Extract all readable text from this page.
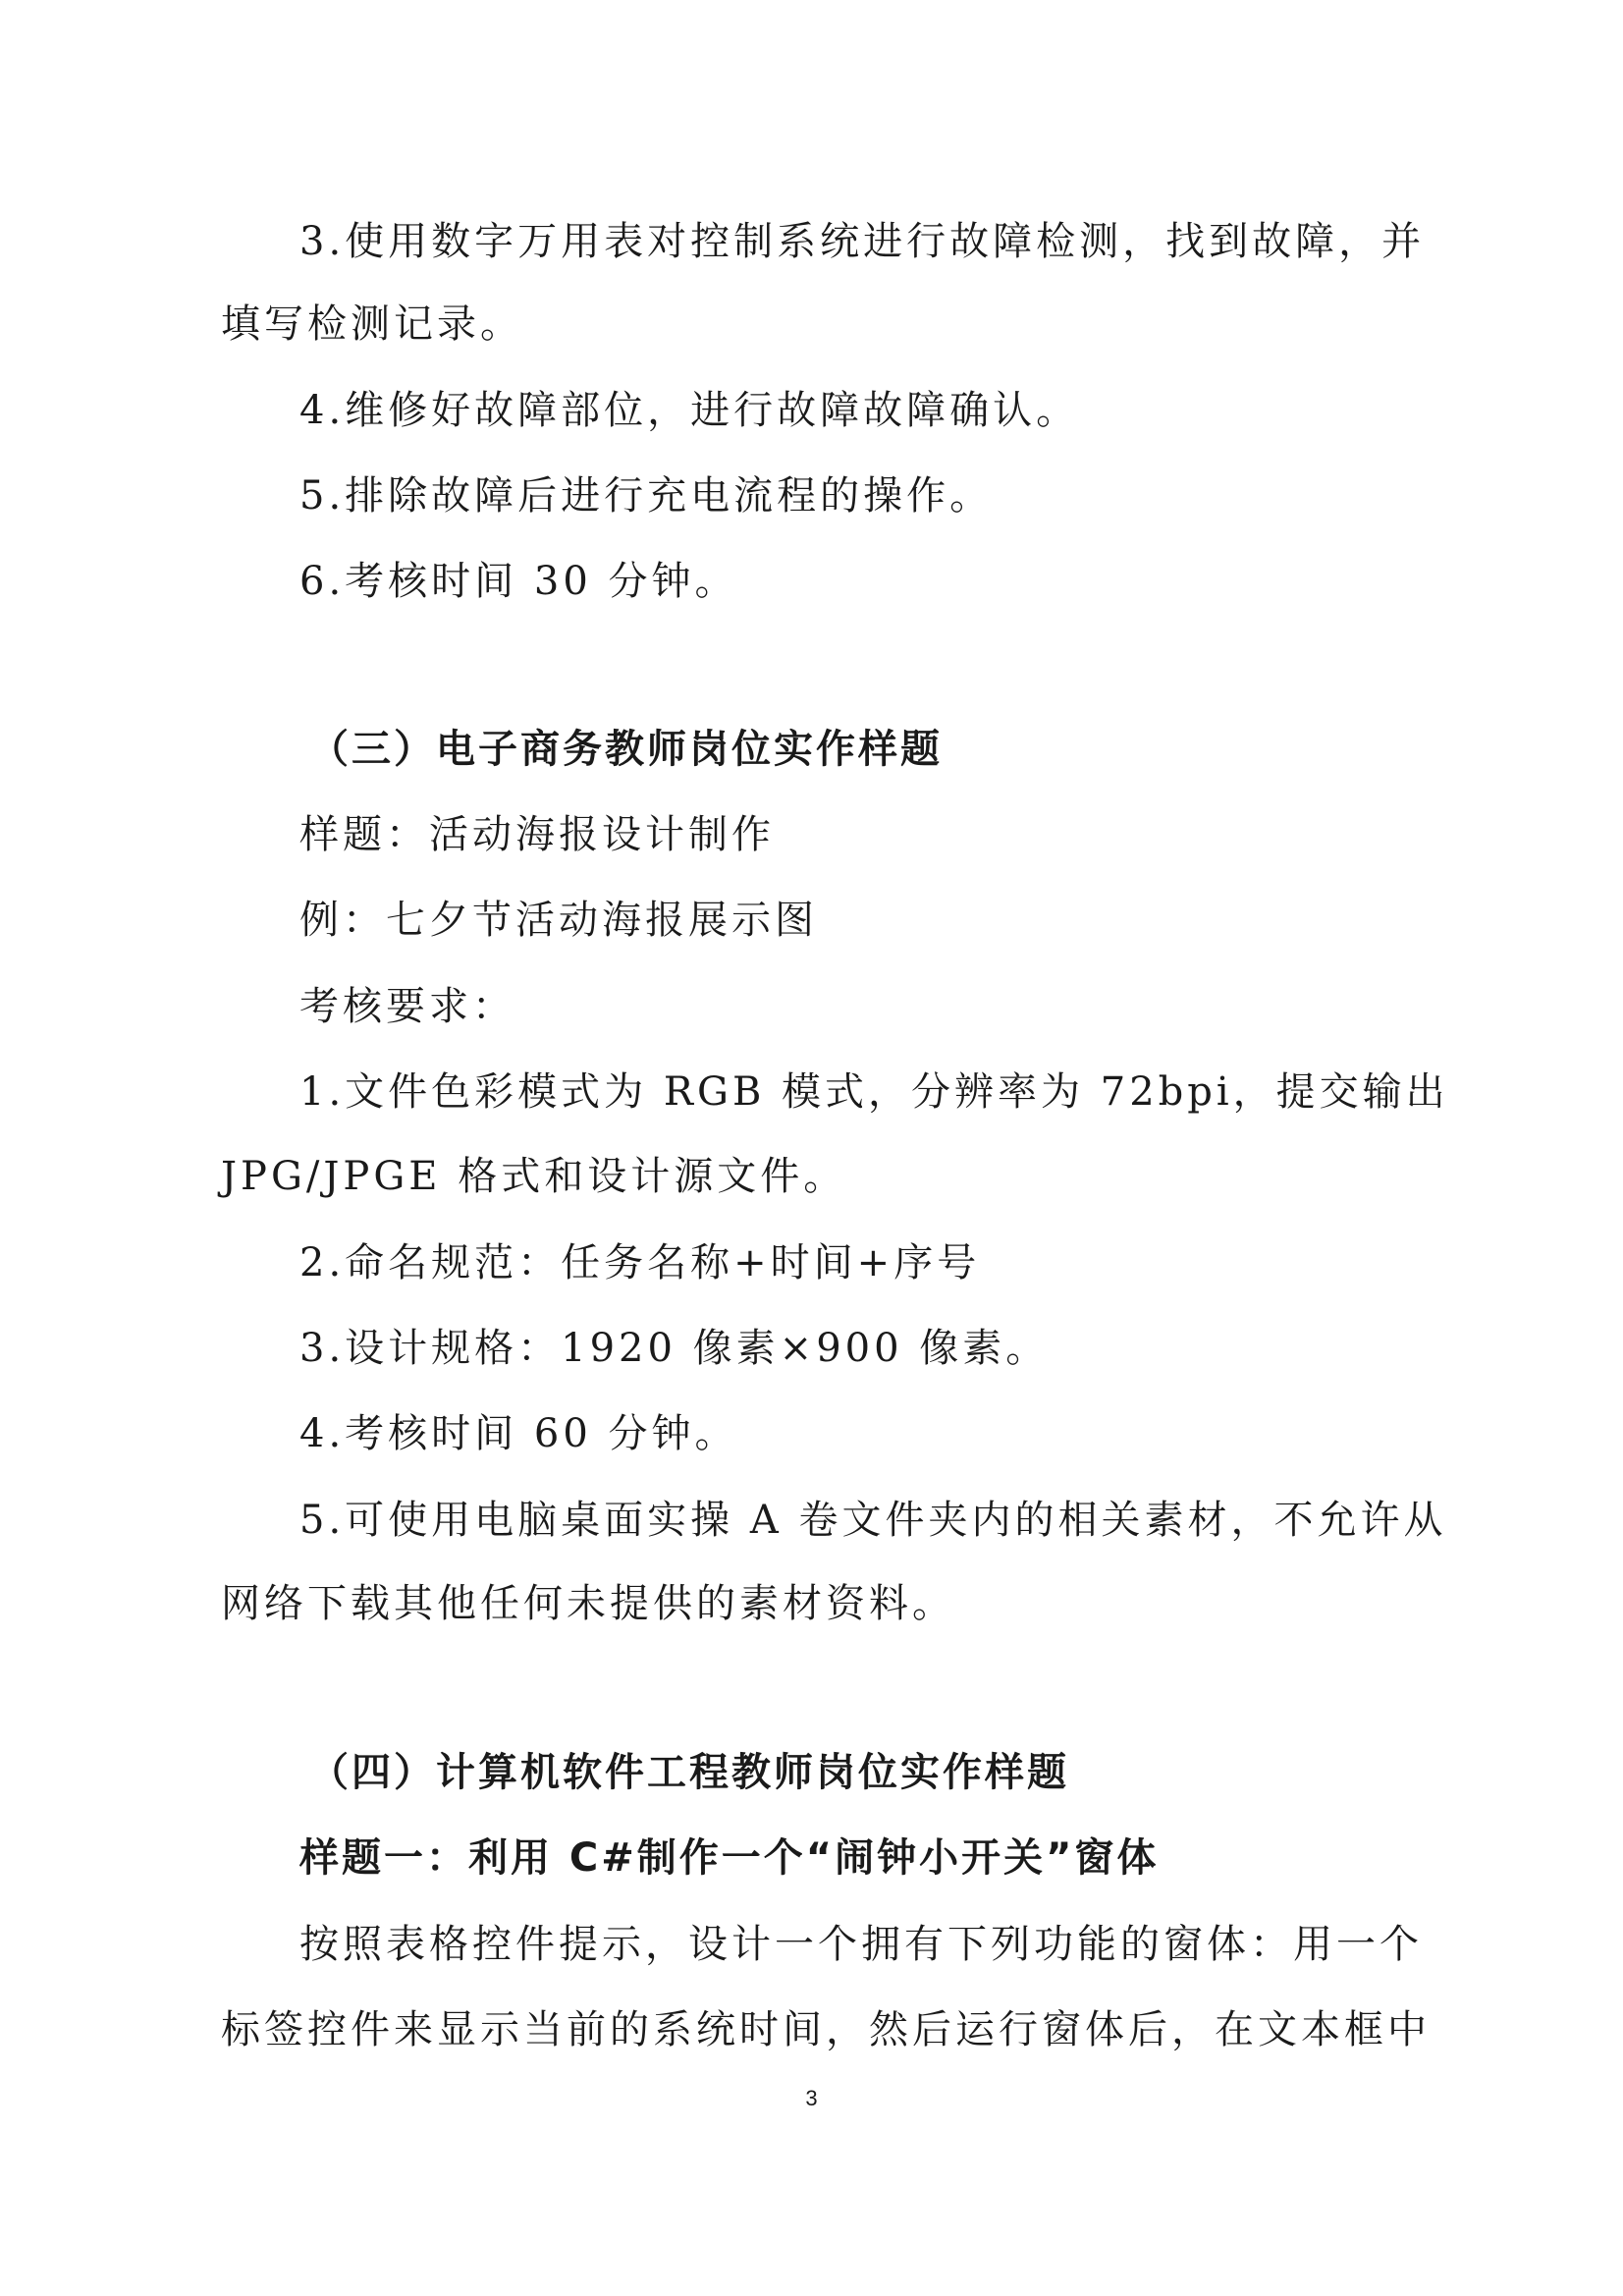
3.使用数字万用表对控制系统进行故障检测，找到故障，并
填写检测记录。
4.维修好故障部位，进行故障故障确认。
5.排除故障后进行充电流程的操作。
6.考核时间 30 分钟。
（三）电子商务教师岗位实作样题
样题：活动海报设计制作
例：七夕节活动海报展示图
考核要求：
1.文件色彩模式为 RGB 模式，分辨率为 72bpi，提交输出
JPG/JPGE 格式和设计源文件。
2.命名规范：任务名称+时间+序号
3.设计规格：1920 像素×900 像素。
4.考核时间 60 分钟。
5.可使用电脑桌面实操 A 卷文件夹内的相关素材，不允许从
网络下载其他任何未提供的素材资料。
（四）计算机软件工程教师岗位实作样题
样题一：利用 C#制作一个“闹钟小开关”窗体
按照表格控件提示，设计一个拥有下列功能的窗体：用一个
标签控件来显示当前的系统时间，然后运行窗体后，在文本框中
3
